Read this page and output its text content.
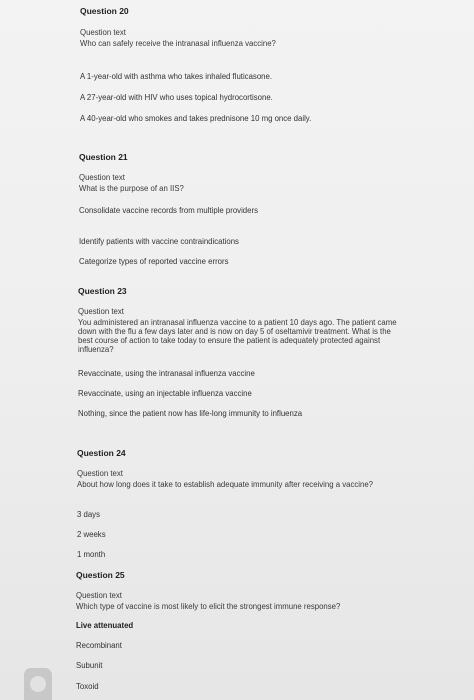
Question 20
Question text
Who can safely receive the intranasal influenza vaccine?
A 1-year-old with asthma who takes inhaled fluticasone.
A 27-year-old with HIV who uses topical hydrocortisone.
A 40-year-old who smokes and takes prednisone 10 mg once daily.
Question 21
Question text
What is the purpose of an IIS?
Consolidate vaccine records from multiple providers
Identify patients with vaccine contraindications
Categorize types of reported vaccine errors
Question 23
Question text
You administered an intranasal influenza vaccine to a patient 10 days ago. The patient came down with the flu a few days later and is now on day 5 of oseltamivir treatment. What is the best course of action to take today to ensure the patient is adequately protected against influenza?
Revaccinate, using the intranasal influenza vaccine
Revaccinate, using an injectable influenza vaccine
Nothing, since the patient now has life-long immunity to influenza
Question 24
Question text
About how long does it take to establish adequate immunity after receiving a vaccine?
3 days
2 weeks
1 month
Question 25
Question text
Which type of vaccine is most likely to elicit the strongest immune response?
Live attenuated
Recombinant
Subunit
Toxoid
